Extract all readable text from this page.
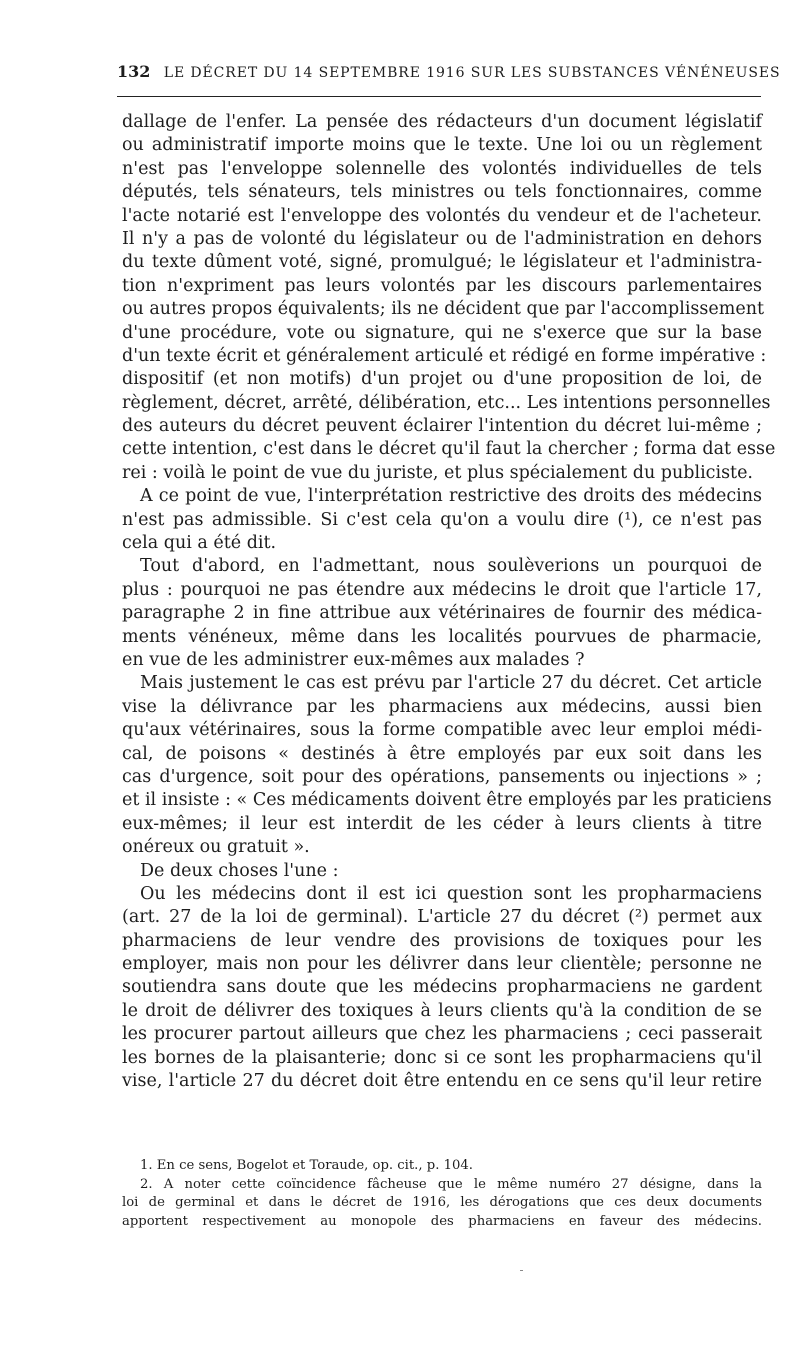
132 LE DÉCRET DU 14 SEPTEMBRE 1916 SUR LES SUBSTANCES VÉNÉNEUSES
dallage de l'enfer. La pensée des rédacteurs d'un document législatif
ou administratif importe moins que le texte. Une loi ou un règlement
n'est pas l'enveloppe solennelle des volontés individuelles de tels
députés, tels sénateurs, tels ministres ou tels fonctionnaires, comme
l'acte notarié est l'enveloppe des volontés du vendeur et de l'acheteur.
Il n'y a pas de volonté du législateur ou de l'administration en dehors
du texte dûment voté, signé, promulgué; le législateur et l'administra-
tion n'expriment pas leurs volontés par les discours parlementaires
ou autres propos équivalents; ils ne décident que par l'accomplissement
d'une procédure, vote ou signature, qui ne s'exerce que sur la base
d'un texte écrit et généralement articulé et rédigé en forme impérative :
dispositif (et non motifs) d'un projet ou d'une proposition de loi, de
règlement, décret, arrêté, délibération, etc... Les intentions personnelles
des auteurs du décret peuvent éclairer l'intention du décret lui-même ;
cette intention, c'est dans le décret qu'il faut la chercher ; forma dat esse
rei : voilà le point de vue du juriste, et plus spécialement du publiciste.
A ce point de vue, l'interprétation restrictive des droits des médecins
n'est pas admissible. Si c'est cela qu'on a voulu dire (¹), ce n'est pas
cela qui a été dit.
Tout d'abord, en l'admettant, nous soulèverions un pourquoi de
plus : pourquoi ne pas étendre aux médecins le droit que l'article 17,
paragraphe 2 in fine attribue aux vétérinaires de fournir des médica-
ments vénéneux, même dans les localités pourvues de pharmacie,
en vue de les administrer eux-mêmes aux malades ?
Mais justement le cas est prévu par l'article 27 du décret. Cet article
vise la délivrance par les pharmaciens aux médecins, aussi bien
qu'aux vétérinaires, sous la forme compatible avec leur emploi médi-
cal, de poisons « destinés à être employés par eux soit dans les
cas d'urgence, soit pour des opérations, pansements ou injections » ;
et il insiste : « Ces médicaments doivent être employés par les praticiens
eux-mêmes; il leur est interdit de les céder à leurs clients à titre
onéreux ou gratuit ».
De deux choses l'une :
Ou les médecins dont il est ici question sont les propharmaciens
(art. 27 de la loi de germinal). L'article 27 du décret (²) permet aux
pharmaciens de leur vendre des provisions de toxiques pour les
employer, mais non pour les délivrer dans leur clientèle; personne ne
soutiendra sans doute que les médecins propharmaciens ne gardent
le droit de délivrer des toxiques à leurs clients qu'à la condition de se
les procurer partout ailleurs que chez les pharmaciens ; ceci passerait
les bornes de la plaisanterie; donc si ce sont les propharmaciens qu'il
vise, l'article 27 du décret doit être entendu en ce sens qu'il leur retire
1. En ce sens, Bogelot et Toraude, op. cit., p. 104.
2. A noter cette coïncidence fâcheuse que le même numéro 27 désigne, dans la
loi de germinal et dans le décret de 1916, les dérogations que ces deux documents
apportent respectivement au monopole des pharmaciens en faveur des médecins.
